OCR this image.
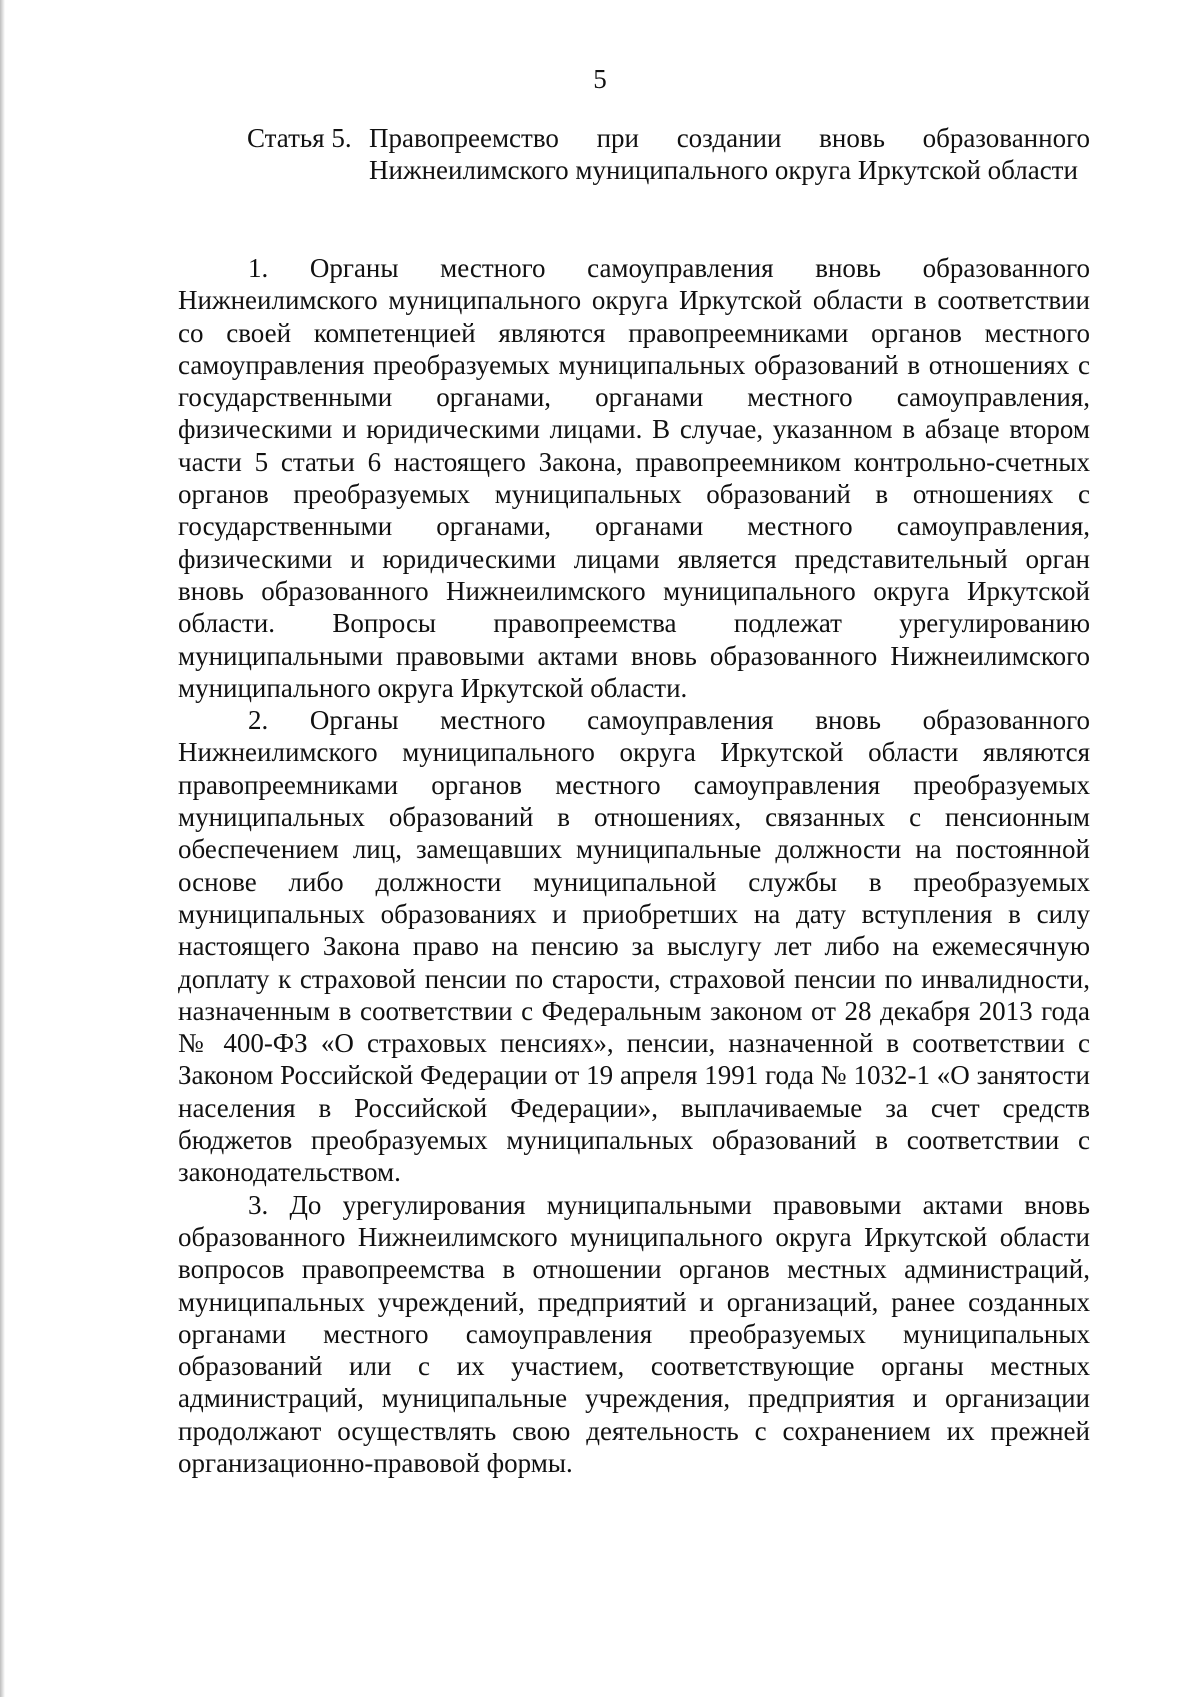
5
Статья 5. Правопреемство при создании вновь образованного Нижнеилимского муниципального округа Иркутской области

1. Органы местного самоуправления вновь образованного Нижнеилимского муниципального округа Иркутской области в соответствии со своей компетенцией являются правопреемниками органов местного самоуправления преобразуемых муниципальных образований в отношениях с государственными органами, органами местного самоуправления, физическими и юридическими лицами. В случае, указанном в абзаце втором части 5 статьи 6 настоящего Закона, правопреемником контрольно-счетных органов преобразуемых муниципальных образований в отношениях с государственными органами, органами местного самоуправления, физическими и юридическими лицами является представительный орган вновь образованного Нижнеилимского муниципального округа Иркутской области. Вопросы правопреемства подлежат урегулированию муниципальными правовыми актами вновь образованного Нижнеилимского муниципального округа Иркутской области.

2. Органы местного самоуправления вновь образованного Нижнеилимского муниципального округа Иркутской области являются правопреемниками органов местного самоуправления преобразуемых муниципальных образований в отношениях, связанных с пенсионным обеспечением лиц, замещавших муниципальные должности на постоянной основе либо должности муниципальной службы в преобразуемых муниципальных образованиях и приобретших на дату вступления в силу настоящего Закона право на пенсию за выслугу лет либо на ежемесячную доплату к страховой пенсии по старости, страховой пенсии по инвалидности, назначенным в соответствии с Федеральным законом от 28 декабря 2013 года № 400-ФЗ «О страховых пенсиях», пенсии, назначенной в соответствии с Законом Российской Федерации от 19 апреля 1991 года № 1032-1 «О занятости населения в Российской Федерации», выплачиваемые за счет средств бюджетов преобразуемых муниципальных образований в соответствии с законодательством.

3. До урегулирования муниципальными правовыми актами вновь образованного Нижнеилимского муниципального округа Иркутской области вопросов правопреемства в отношении органов местных администраций, муниципальных учреждений, предприятий и организаций, ранее созданных органами местного самоуправления преобразуемых муниципальных образований или с их участием, соответствующие органы местных администраций, муниципальные учреждения, предприятия и организации продолжают осуществлять свою деятельность с сохранением их прежней организационно-правовой формы.
